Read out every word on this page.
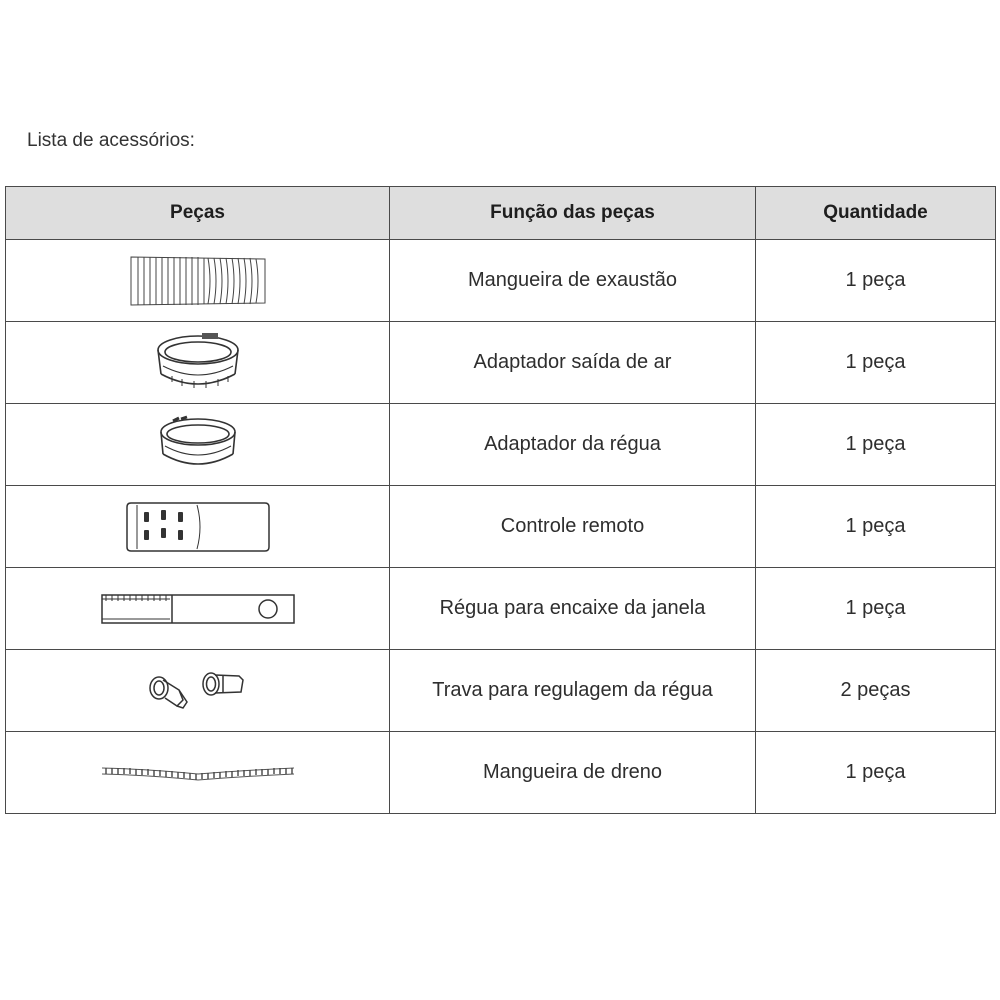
Lista de acessórios:
Peças	Função das peças	Quantidade

	Mangueira de exaustão	1 peça

	Adaptador saída de ar	1 peça

	Adaptador da régua	1 peça

	Controle remoto	1 peça

	Régua para encaixe da janela	1 peça

	Trava para regulagem da régua	2 peças

	Mangueira de dreno	1 peça
